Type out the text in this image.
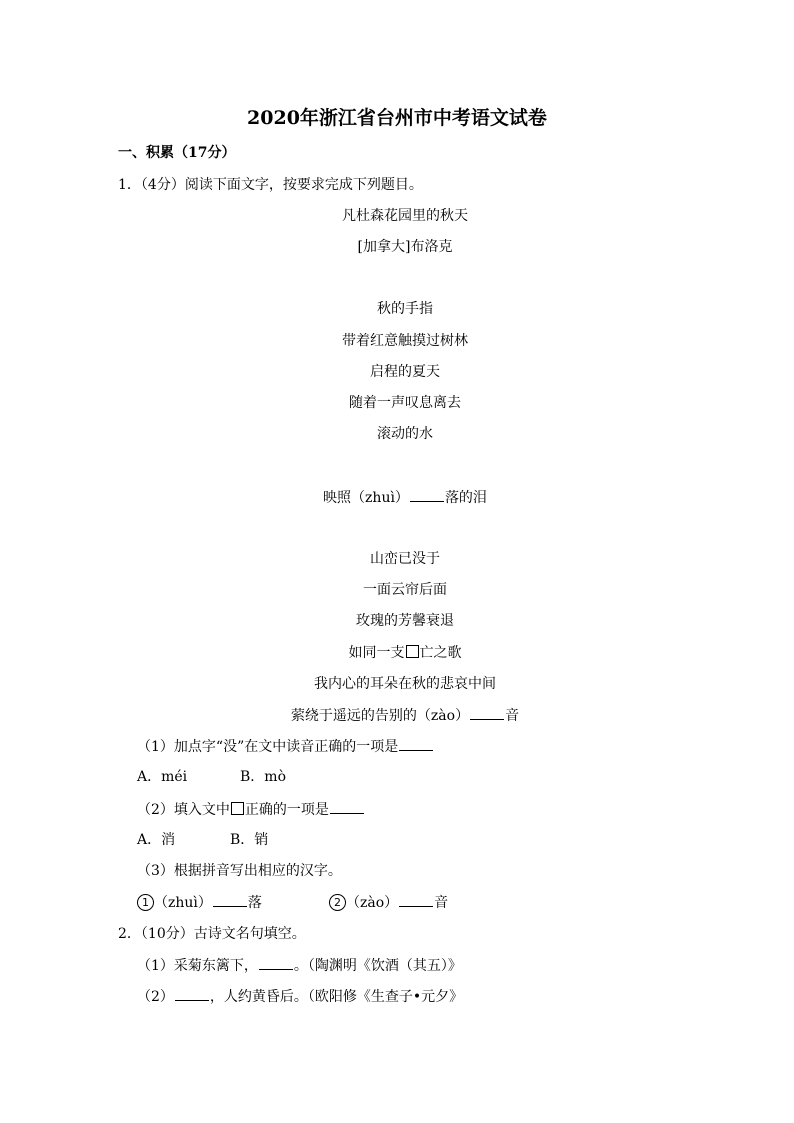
2020年浙江省台州市中考语文试卷
一、积累（17分）
1．（4分）阅读下面文字，按要求完成下列题目。
凡杜森花园里的秋天
[加拿大]布洛克
秋的手指
带着红意触摸过树林
启程的夏天
随着一声叹息离去
滚动的水
映照（zhuì）	落的泪
山峦已没于
一面云帘后面
玫瑰的芳馨衰退
如同一支 亡之歌
我内心的耳朵在秋的悲哀中间
萦绕于遥远的告别的（zào）	音
（1）加点字“没”在文中读音正确的一项是
A．méi	B．mò
（2）填入文中 正确的一项是
A．消	B．销
（3）根据拼音写出相应的汉字。
1 （zhuì）	落	2 （zào）	音
2．（10分）古诗文名句填空。
（1）采菊东篱下，	。（陶渊明《饮酒（其五）》
（2）	，人约黄昏后。（欧阳修《生查子•元夕》
